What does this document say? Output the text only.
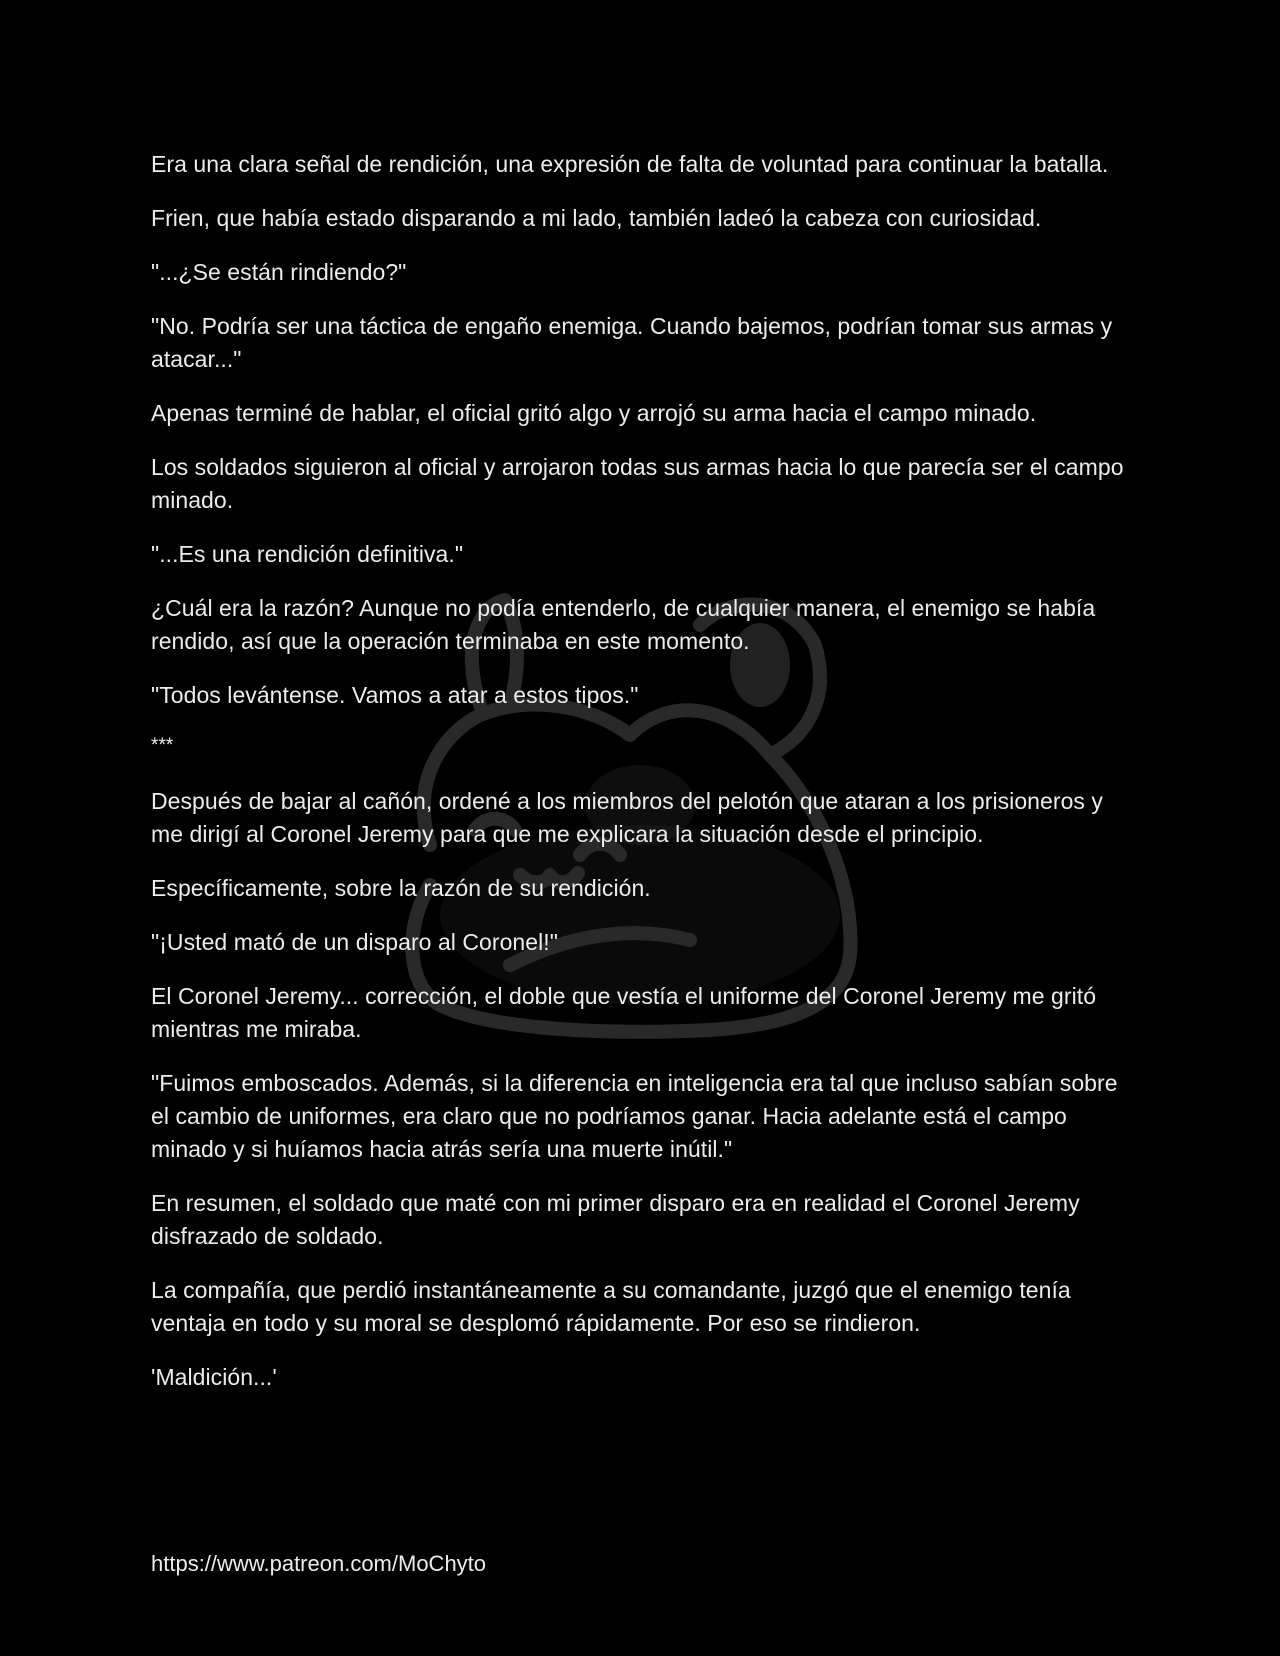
Era una clara señal de rendición, una expresión de falta de voluntad para continuar la batalla.

Frien, que había estado disparando a mi lado, también ladeó la cabeza con curiosidad.

"...¿Se están rindiendo?"

"No. Podría ser una táctica de engaño enemiga. Cuando bajemos, podrían tomar sus armas y atacar..."

Apenas terminé de hablar, el oficial gritó algo y arrojó su arma hacia el campo minado.

Los soldados siguieron al oficial y arrojaron todas sus armas hacia lo que parecía ser el campo minado.

"...Es una rendición definitiva."

¿Cuál era la razón? Aunque no podía entenderlo, de cualquier manera, el enemigo se había rendido, así que la operación terminaba en este momento.

"Todos levántense. Vamos a atar a estos tipos."

***

Después de bajar al cañón, ordené a los miembros del pelotón que ataran a los prisioneros y me dirigí al Coronel Jeremy para que me explicara la situación desde el principio.

Específicamente, sobre la razón de su rendición.

"¡Usted mató de un disparo al Coronel!"

El Coronel Jeremy... corrección, el doble que vestía el uniforme del Coronel Jeremy me gritó mientras me miraba.

"Fuimos emboscados. Además, si la diferencia en inteligencia era tal que incluso sabían sobre el cambio de uniformes, era claro que no podríamos ganar. Hacia adelante está el campo minado y si huíamos hacia atrás sería una muerte inútil."

En resumen, el soldado que maté con mi primer disparo era en realidad el Coronel Jeremy disfrazado de soldado.

La compañía, que perdió instantáneamente a su comandante, juzgó que el enemigo tenía ventaja en todo y su moral se desplomó rápidamente. Por eso se rindieron.

'Maldición...'

https://www.patreon.com/MoChyto
